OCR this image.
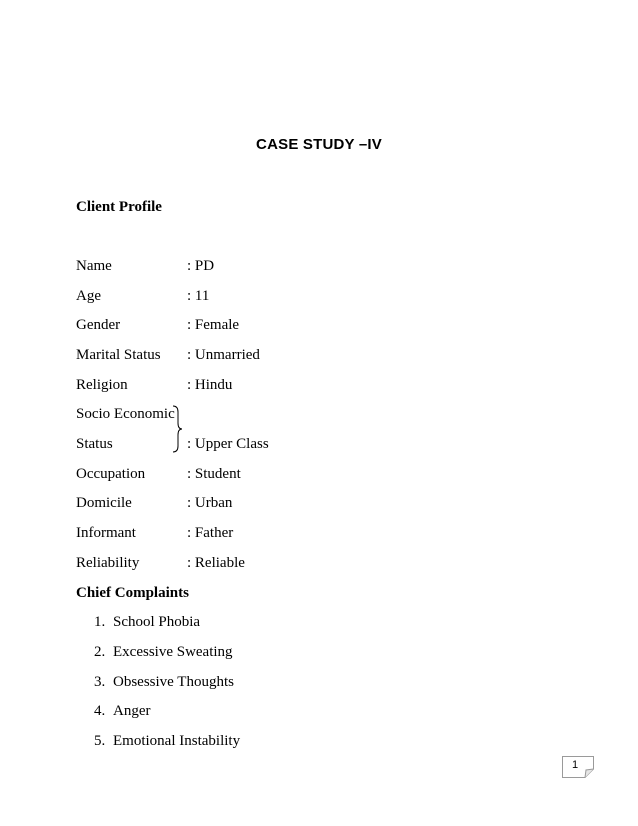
CASE STUDY –IV
Client Profile
Name	: PD
Age	: 11
Gender	: Female
Marital Status : Unmarried
Religion	: Hindu
Socio Economic
Status	: Upper Class
Occupation	: Student
Domicile	: Urban
Informant	: Father
Reliability	: Reliable
Chief Complaints
1. School Phobia
2. Excessive Sweating
3. Obsessive Thoughts
4. Anger
5. Emotional Instability
1
